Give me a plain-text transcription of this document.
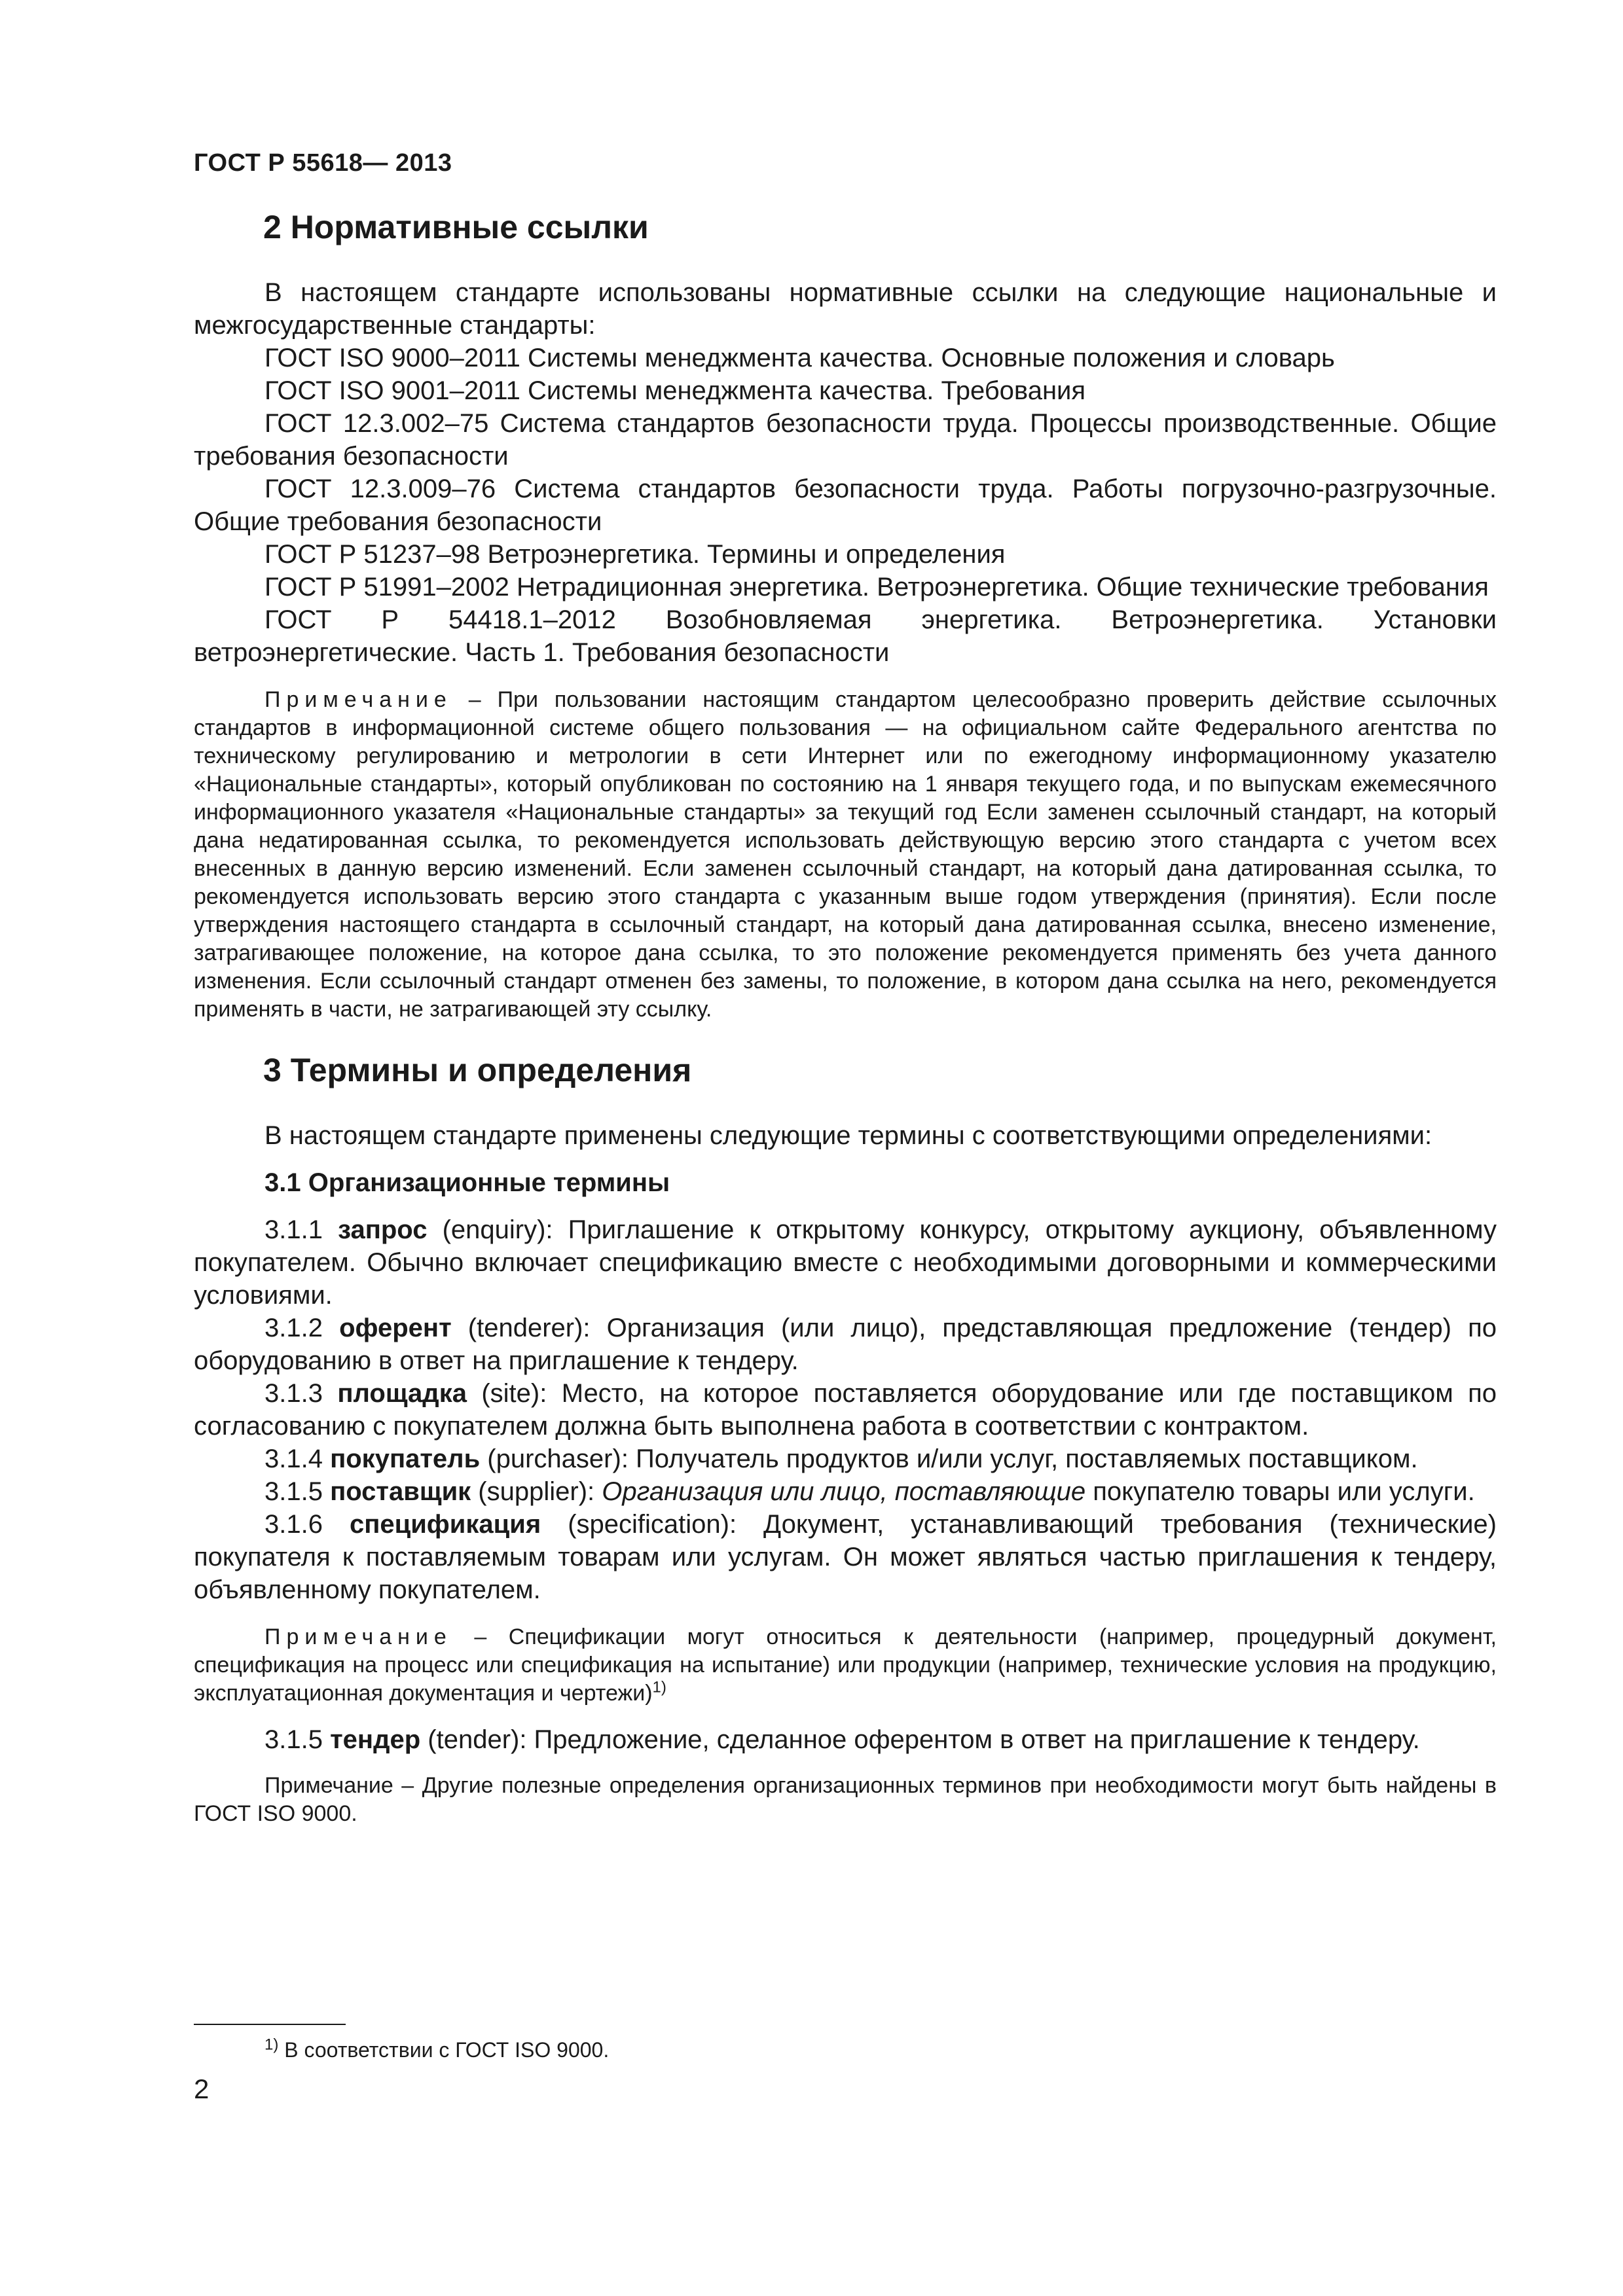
ГОСТ Р 55618— 2013
2 Нормативные ссылки

В настоящем стандарте использованы нормативные ссылки на следующие национальные и межгосударственные стандарты:

ГОСТ ISO 9000–2011 Системы менеджмента качества. Основные положения и словарь

ГОСТ ISO 9001–2011 Системы менеджмента качества. Требования

ГОСТ 12.3.002–75 Система стандартов безопасности труда. Процессы производственные. Общие требования безопасности

ГОСТ 12.3.009–76 Система стандартов безопасности труда. Работы погрузочно-разгрузочные. Общие требования безопасности

ГОСТ Р 51237–98 Ветроэнергетика. Термины и определения

ГОСТ Р 51991–2002 Нетрадиционная энергетика. Ветроэнергетика. Общие технические требования

ГОСТ Р 54418.1–2012 Возобновляемая энергетика. Ветроэнергетика. Установки ветроэнергетические. Часть 1. Требования безопасности

Примечание – При пользовании настоящим стандартом целесообразно проверить действие ссылочных стандартов в информационной системе общего пользования — на официальном сайте Федерального агентства по техническому регулированию и метрологии в сети Интернет или по ежегодному информационному указателю «Национальные стандарты», который опубликован по состоянию на 1 января текущего года, и по выпускам ежемесячного информационного указателя «Национальные стандарты» за текущий год Если заменен ссылочный стандарт, на который дана недатированная ссылка, то рекомендуется использовать действующую версию этого стандарта с учетом всех внесенных в данную версию изменений. Если заменен ссылочный стандарт, на который дана датированная ссылка, то рекомендуется использовать версию этого стандарта с указанным выше годом утверждения (принятия). Если после утверждения настоящего стандарта в ссылочный стандарт, на который дана датированная ссылка, внесено изменение, затрагивающее положение, на которое дана ссылка, то это положение рекомендуется применять без учета данного изменения. Если ссылочный стандарт отменен без замены, то положение, в котором дана ссылка на него, рекомендуется применять в части, не затрагивающей эту ссылку.

3 Термины и определения

В настоящем стандарте применены следующие термины с соответствующими определениями:

3.1 Организационные термины

3.1.1 запрос (enquiry): Приглашение к открытому конкурсу, открытому аукциону, объявленному покупателем. Обычно включает спецификацию вместе с необходимыми договорными и коммерческими условиями.

3.1.2 оферент (tenderer): Организация (или лицо), представляющая предложение (тендер) по оборудованию в ответ на приглашение к тендеру.

3.1.3 площадка (site): Место, на которое поставляется оборудование или где поставщиком по согласованию с покупателем должна быть выполнена работа в соответствии с контрактом.

3.1.4 покупатель (purchaser): Получатель продуктов и/или услуг, поставляемых поставщиком.

3.1.5 поставщик (supplier): Организация или лицо, поставляющие покупателю товары или услуги.

3.1.6 спецификация (specification): Документ, устанавливающий требования (технические) покупателя к поставляемым товарам или услугам. Он может являться частью приглашения к тендеру, объявленному покупателем.

Примечание – Спецификации могут относиться к деятельности (например, процедурный документ, спецификация на процесс или спецификация на испытание) или продукции (например, технические условия на продукцию, эксплуатационная документация и чертежи)$^{1)}$

3.1.5 тендер (tender): Предложение, сделанное оферентом в ответ на приглашение к тендеру.

Примечание – Другие полезные определения организационных терминов при необходимости могут быть найдены в ГОСТ ISO 9000.

$^{1)}$ В соответствии с ГОСТ ISO 9000.
2
